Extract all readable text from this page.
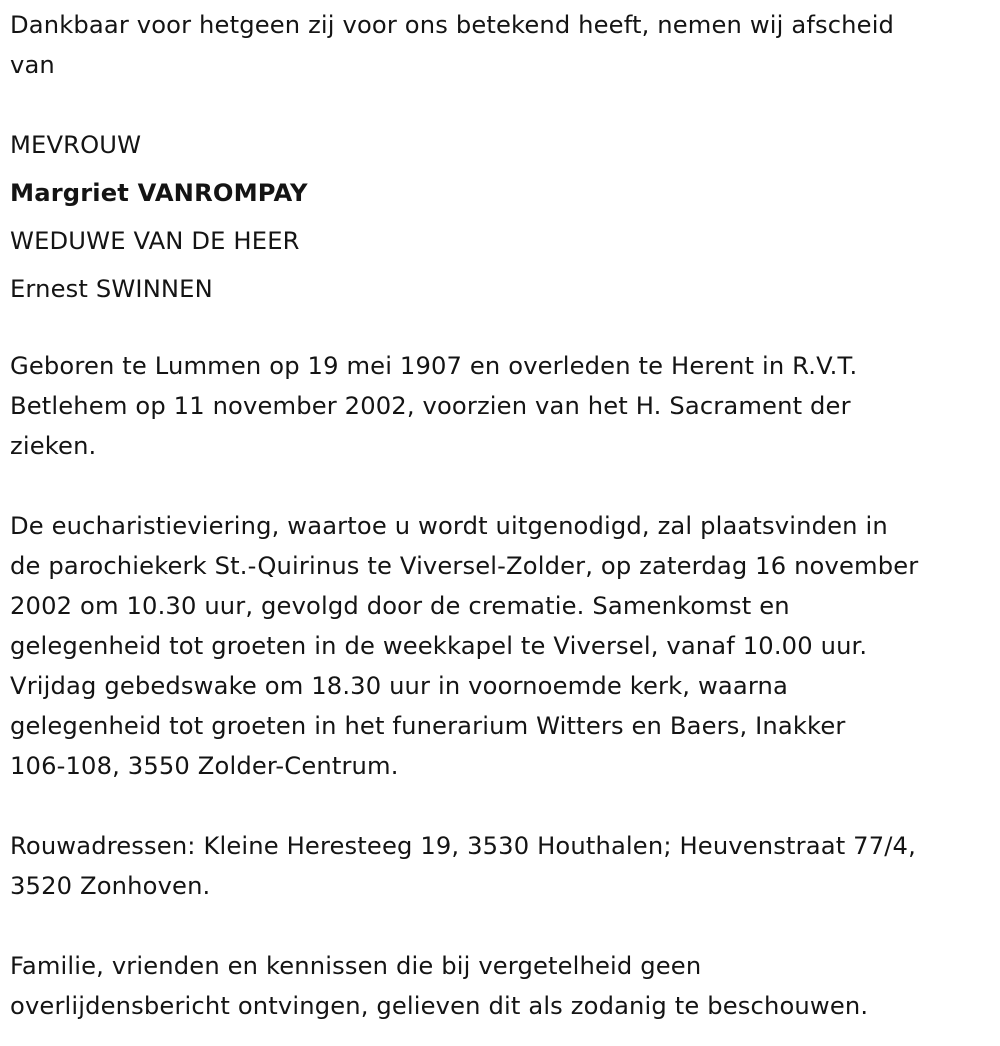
Dankbaar voor hetgeen zij voor ons betekend heeft, nemen wij afscheid
van

MEVROUW

Margriet VANROMPAY

WEDUWE VAN DE HEER

Ernest SWINNEN

Geboren te Lummen op 19 mei 1907 en overleden te Herent in R.V.T.
Betlehem op 11 november 2002, voorzien van het H. Sacrament der
zieken.

De eucharistieviering, waartoe u wordt uitgenodigd, zal plaatsvinden in
de parochiekerk St.-Quirinus te Viversel-Zolder, op zaterdag 16 november
2002 om 10.30 uur, gevolgd door de crematie. Samenkomst en
gelegenheid tot groeten in de weekkapel te Viversel, vanaf 10.00 uur.
Vrijdag gebedswake om 18.30 uur in voornoemde kerk, waarna
gelegenheid tot groeten in het funerarium Witters en Baers, Inakker
106-108, 3550 Zolder-Centrum.

Rouwadressen: Kleine Heresteeg 19, 3530 Houthalen; Heuvenstraat 77/4,
3520 Zonhoven.

Familie, vrienden en kennissen die bij vergetelheid geen
overlijdensbericht ontvingen, gelieven dit als zodanig te beschouwen.
